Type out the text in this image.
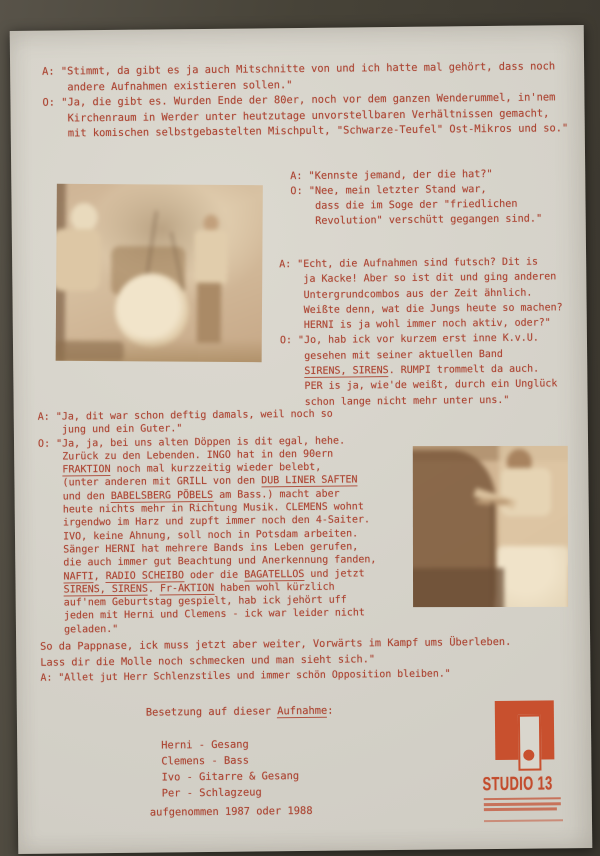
A: "Stimmt, da gibt es ja auch Mitschnitte von und ich hatte mal gehört, dass noch
andere Aufnahmen existieren sollen."
O: "Ja, die gibt es. Wurden Ende der 80er, noch vor dem ganzen Wenderummel, in'nem
Kirchenraum in Werder unter heutzutage unvorstellbaren Verhältnissen gemacht,
mit komischen selbstgebastelten Mischpult, "Schwarze-Teufel" Ost-Mikros und so."
A: "Kennste jemand, der die hat?"
O: "Nee, mein letzter Stand war,
dass die im Soge der "friedlichen
Revolution" verschütt gegangen sind."
A: "Echt, die Aufnahmen sind futsch? Dit is
ja Kacke! Aber so ist dit und ging anderen
Untergrundcombos aus der Zeit ähnlich.
Weißte denn, wat die Jungs heute so machen?
HERNI is ja wohl immer noch aktiv, oder?"
O: "Jo, hab ick vor kurzem erst inne K.v.U.
gesehen mit seiner aktuellen Band
SIRENS, SIRENS. RUMPI trommelt da auch.
PER is ja, wie'de weißt, durch ein Unglück
schon lange nicht mehr unter uns."
A: "Ja, dit war schon deftig damals, weil noch so
jung und ein Guter."
O: "Ja, ja, bei uns alten Döppen is dit egal, hehe.
Zurück zu den Lebenden. INGO hat in den 90ern
FRAKTION noch mal kurzzeitig wieder belebt,
(unter anderen mit GRILL von den DUB LINER SAFTEN
und den BABELSBERG PÖBELS am Bass.) macht aber
heute nichts mehr in Richtung Musik. CLEMENS wohnt
irgendwo im Harz und zupft immer noch den 4-Saiter.
IVO, keine Ahnung, soll noch in Potsdam arbeiten.
Sänger HERNI hat mehrere Bands ins Leben gerufen,
die auch immer gut Beachtung und Anerkennung fanden,
NAFTI, RADIO SCHEIBO oder die BAGATELLOS und jetzt
SIRENS, SIRENS. Fr-AKTION haben wohl kürzlich
auf'nem Geburtstag gespielt, hab ick jehört uff
jeden mit Herni und Clemens - ick war leider nicht
geladen."
So da Pappnase, ick muss jetzt aber weiter, Vorwärts im Kampf ums Überleben.
Lass dir die Molle noch schmecken und man sieht sich."
A: "Allet jut Herr Schlenzstiles und immer schön Opposition bleiben."
Besetzung auf dieser Aufnahme:
Herni - Gesang
Clemens - Bass
Ivo - Gitarre & Gesang
Per - Schlagzeug
aufgenommen 1987 oder 1988
STUDIO 13
